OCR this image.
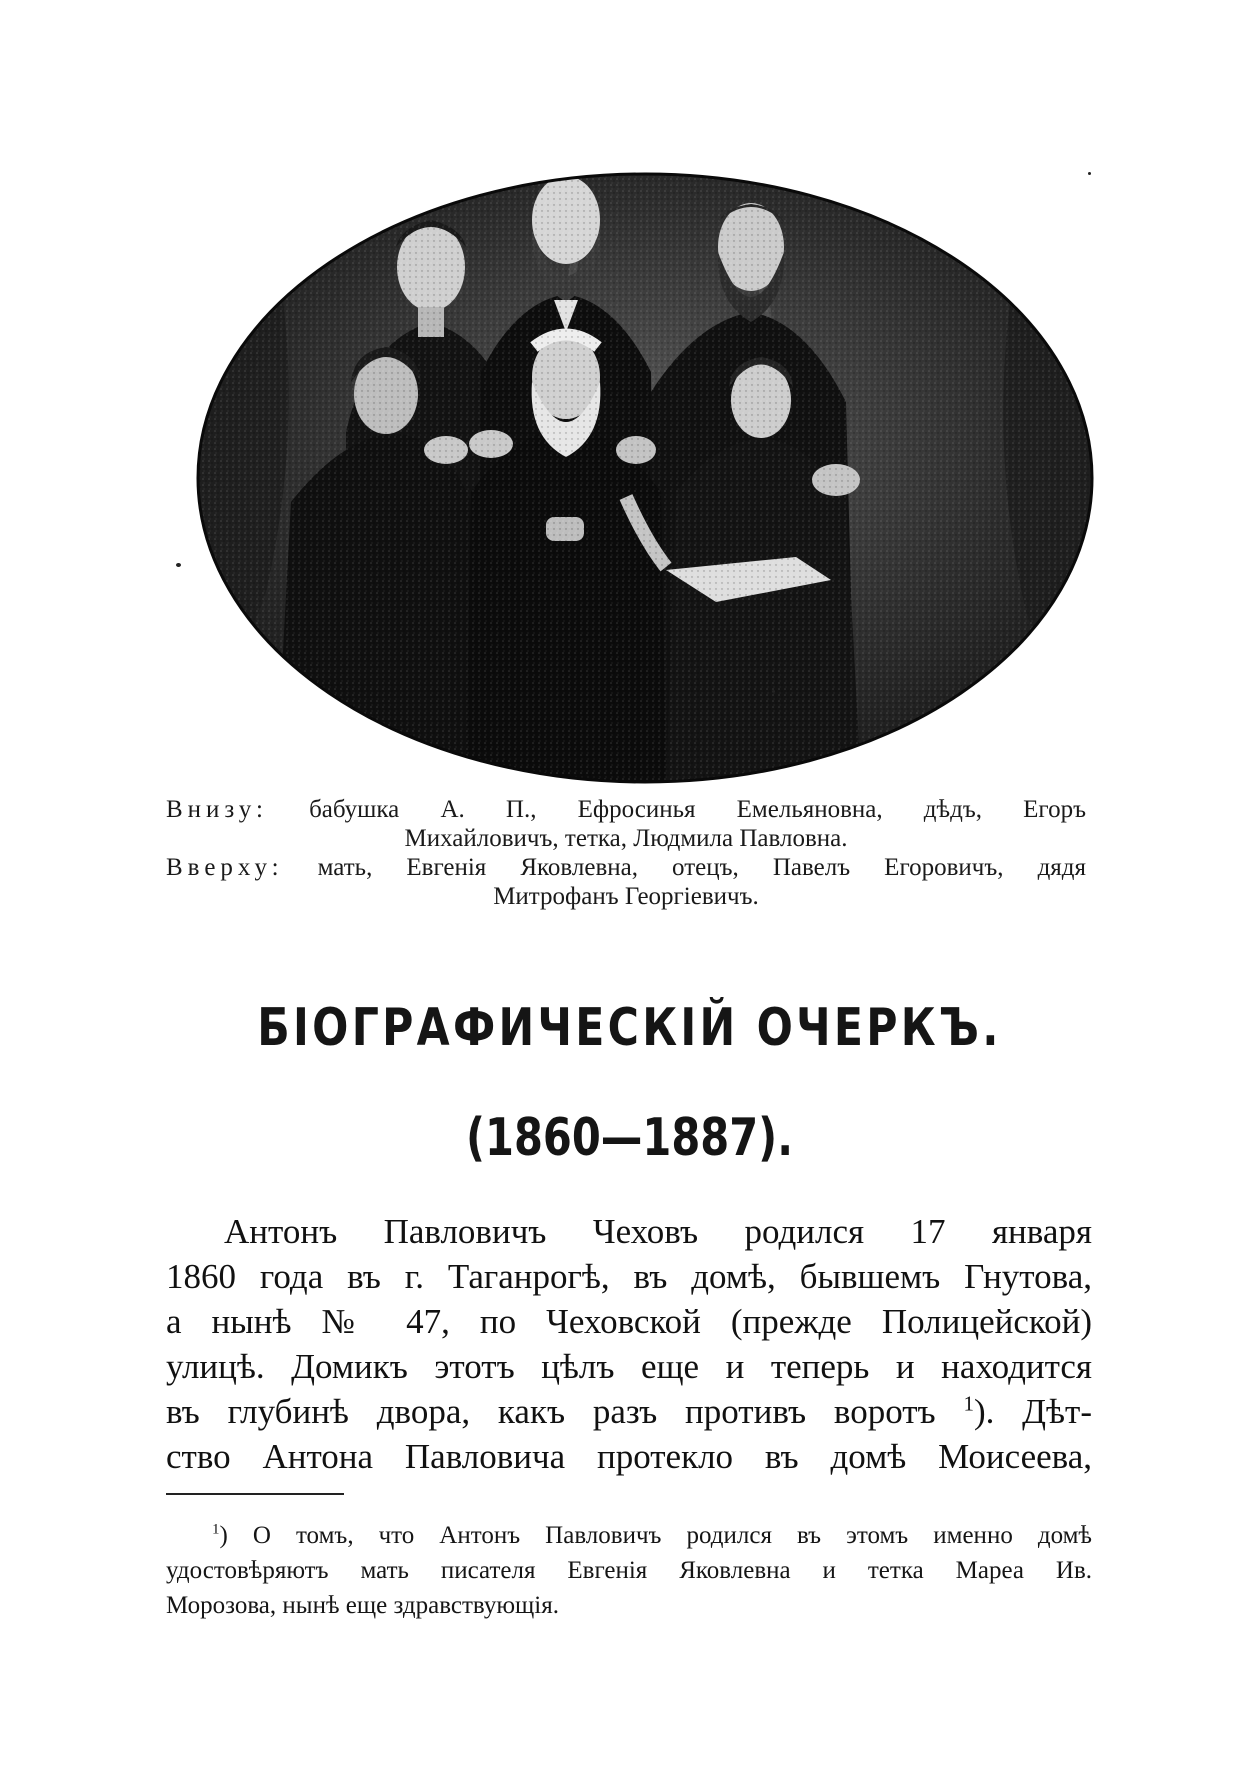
Внизу: бабушка А. П., Ефросинья Емельяновна, дѣдъ, Егоръ
Михайловичъ, тетка, Людмила Павловна.
Вверху: мать, Евгенія Яковлевна, отецъ, Павелъ Егоровичъ, дядя
Митрофанъ Георгіевичъ.
БІОГРАФИЧЕСКІЙ ОЧЕРКЪ.
(1860—1887).
Антонъ Павловичъ Чеховъ родился 17 января
1860 года въ г. Таганрогѣ, въ домѣ, бывшемъ Гнутова,
а нынѣ № 47, по Чеховской (прежде Полицейской)
улицѣ. Домикъ этотъ цѣлъ еще и теперь и находится
въ глубинѣ двора, какъ разъ противъ воротъ $^1$). Дѣт-
ство Антона Павловича протекло въ домѣ Моисеева,
$^1$) О томъ, что Антонъ Павловичъ родился въ этомъ именно домѣ
удостовѣряютъ мать писателя Евгенія Яковлевна и тетка Мареа Ив.
Морозова, нынѣ еще здравствующія.
